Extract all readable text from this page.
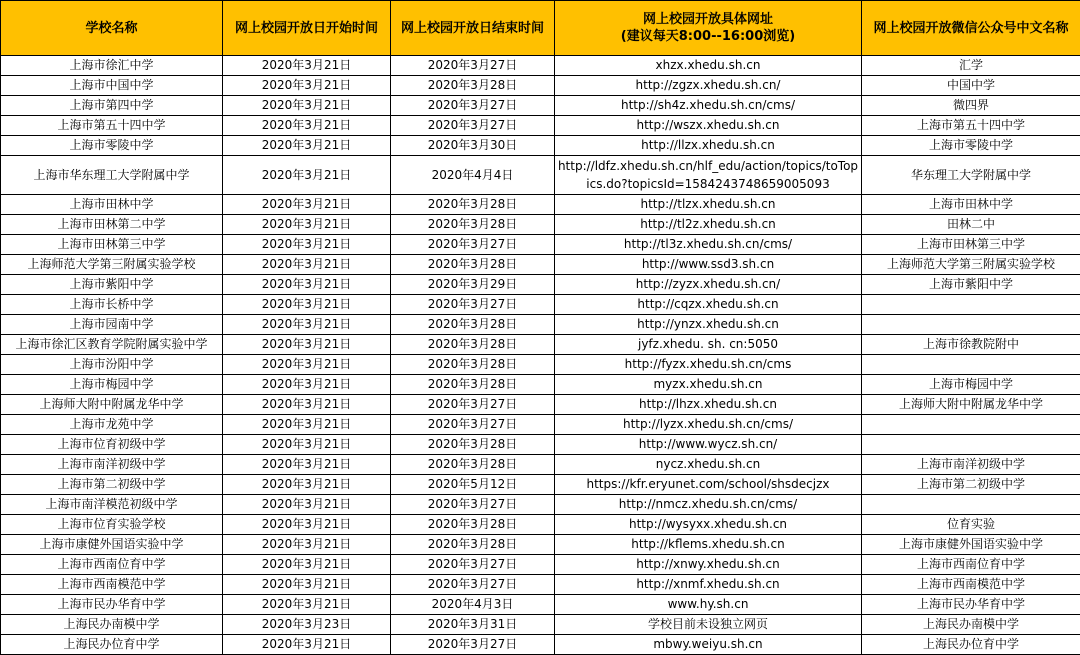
学校名称	网上校园开放日开始时间	网上校园开放日结束时间	网上校园开放具体网址
(建议每天8:00--16:00浏览)	网上校园开放微信公众号中文名称
上海市徐汇中学	2020年3月21日	2020年3月27日	xhzx.xhedu.sh.cn	汇学
上海市中国中学	2020年3月21日	2020年3月28日	http://zgzx.xhedu.sh.cn/	中国中学
上海市第四中学	2020年3月21日	2020年3月27日	http://sh4z.xhedu.sh.cn/cms/	微四界
上海市第五十四中学	2020年3月21日	2020年3月27日	http://wszx.xhedu.sh.cn	上海市第五十四中学
上海市零陵中学	2020年3月21日	2020年3月30日	http://llzx.xhedu.sh.cn	上海市零陵中学
上海市华东理工大学附属中学	2020年3月21日	2020年4月4日	http://ldfz.xhedu.sh.cn/hlf_edu/action/topics/toTopics.do?topicsId=1584243748659005093	华东理工大学附属中学
上海市田林中学	2020年3月21日	2020年3月28日	http://tlzx.xhedu.sh.cn	上海市田林中学
上海市田林第二中学	2020年3月21日	2020年3月28日	http://tl2z.xhedu.sh.cn	田林二中
上海市田林第三中学	2020年3月21日	2020年3月27日	http://tl3z.xhedu.sh.cn/cms/	上海市田林第三中学
上海师范大学第三附属实验学校	2020年3月21日	2020年3月28日	http://www.ssd3.sh.cn	上海师范大学第三附属实验学校
上海市紫阳中学	2020年3月21日	2020年3月29日	http://zyzx.xhedu.sh.cn/	上海市紫阳中学
上海市长桥中学	2020年3月21日	2020年3月27日	http://cqzx.xhedu.sh.cn	
上海市园南中学	2020年3月21日	2020年3月28日	http://ynzx.xhedu.sh.cn	
上海市徐汇区教育学院附属实验中学	2020年3月21日	2020年3月28日	jyfz.xhedu. sh. cn:5050	上海市徐教院附中
上海市汾阳中学	2020年3月21日	2020年3月28日	http://fyzx.xhedu.sh.cn/cms	
上海市梅园中学	2020年3月21日	2020年3月28日	myzx.xhedu.sh.cn	上海市梅园中学
上海师大附中附属龙华中学	2020年3月21日	2020年3月27日	http://lhzx.xhedu.sh.cn	上海师大附中附属龙华中学
上海市龙苑中学	2020年3月21日	2020年3月27日	http://lyzx.xhedu.sh.cn/cms/	
上海市位育初级中学	2020年3月21日	2020年3月28日	http://www.wycz.sh.cn/	
上海市南洋初级中学	2020年3月21日	2020年3月28日	nycz.xhedu.sh.cn	上海市南洋初级中学
上海市第二初级中学	2020年3月21日	2020年5月12日	https://kfr.eryunet.com/school/shsdecjzx	上海市第二初级中学
上海市南洋模范初级中学	2020年3月21日	2020年3月27日	http://nmcz.xhedu.sh.cn/cms/	
上海市位育实验学校	2020年3月21日	2020年3月28日	http://wysyxx.xhedu.sh.cn	位育实验
上海市康健外国语实验中学	2020年3月21日	2020年3月28日	http://kflems.xhedu.sh.cn	上海市康健外国语实验中学
上海市西南位育中学	2020年3月21日	2020年3月27日	http://xnwy.xhedu.sh.cn	上海市西南位育中学
上海市西南模范中学	2020年3月21日	2020年3月27日	http://xnmf.xhedu.sh.cn	上海市西南模范中学
上海市民办华育中学	2020年3月21日	2020年4月3日	www.hy.sh.cn	上海市民办华育中学
上海民办南模中学	2020年3月23日	2020年3月31日	学校目前未设独立网页	上海民办南模中学
上海民办位育中学	2020年3月21日	2020年3月27日	mbwy.weiyu.sh.cn	上海民办位育中学
